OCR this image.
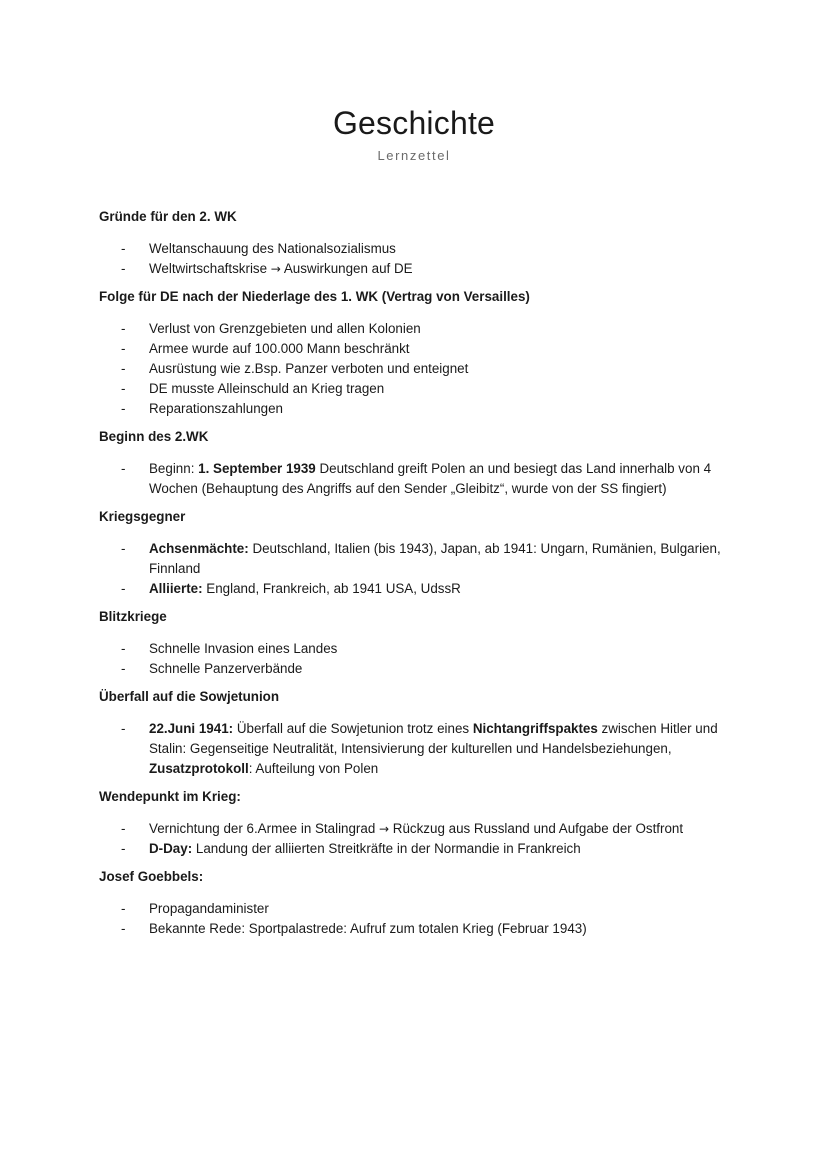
Geschichte
Lernzettel
Gründe für den 2. WK
- Weltanschauung des Nationalsozialismus
- Weltwirtschaftskrise → Auswirkungen auf DE
Folge für DE nach der Niederlage des 1. WK (Vertrag von Versailles)
- Verlust von Grenzgebieten und allen Kolonien
- Armee wurde auf 100.000 Mann beschränkt
- Ausrüstung wie z.Bsp. Panzer verboten und enteignet
- DE musste Alleinschuld an Krieg tragen
- Reparationszahlungen
Beginn des 2.WK
- Beginn: 1. September 1939 Deutschland greift Polen an und besiegt das Land innerhalb von 4 Wochen (Behauptung des Angriffs auf den Sender „Gleibitz“, wurde von der SS fingiert)
Kriegsgegner
- Achsenmächte: Deutschland, Italien (bis 1943), Japan, ab 1941: Ungarn, Rumänien, Bulgarien, Finnland
- Alliierte: England, Frankreich, ab 1941 USA, UdssR
Blitzkriege
- Schnelle Invasion eines Landes
- Schnelle Panzerverbände
Überfall auf die Sowjetunion
- 22.Juni 1941: Überfall auf die Sowjetunion trotz eines Nichtangriffspaktes zwischen Hitler und Stalin: Gegenseitige Neutralität, Intensivierung der kulturellen und Handelsbeziehungen, Zusatzprotokoll: Aufteilung von Polen
Wendepunkt im Krieg:
- Vernichtung der 6.Armee in Stalingrad → Rückzug aus Russland und Aufgabe der Ostfront
- D-Day: Landung der alliierten Streitkräfte in der Normandie in Frankreich
Josef Goebbels:
- Propagandaminister
- Bekannte Rede: Sportpalastrede: Aufruf zum totalen Krieg (Februar 1943)
